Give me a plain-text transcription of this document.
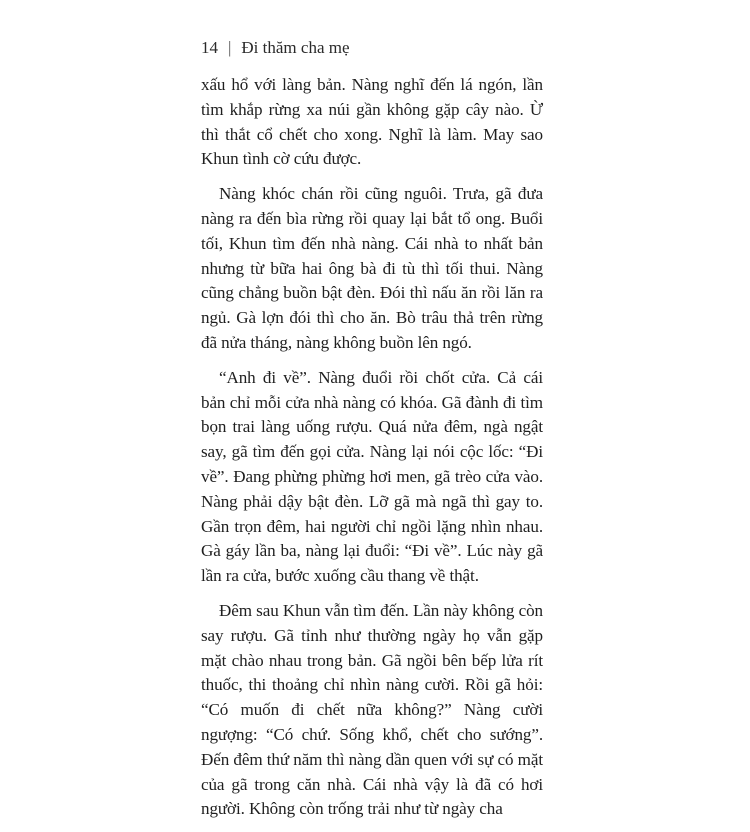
14 | Đi thăm cha mẹ

xấu hổ với làng bản. Nàng nghĩ đến lá ngón, lần tìm khắp rừng xa núi gần không gặp cây nào. Ừ thì thắt cổ chết cho xong. Nghĩ là làm. May sao Khun tình cờ cứu được.

Nàng khóc chán rồi cũng nguôi. Trưa, gã đưa nàng ra đến bìa rừng rồi quay lại bắt tổ ong. Buổi tối, Khun tìm đến nhà nàng. Cái nhà to nhất bản nhưng từ bữa hai ông bà đi tù thì tối thui. Nàng cũng chẳng buồn bật đèn. Đói thì nấu ăn rồi lăn ra ngủ. Gà lợn đói thì cho ăn. Bò trâu thả trên rừng đã nửa tháng, nàng không buồn lên ngó.

“Anh đi về”. Nàng đuổi rồi chốt cửa. Cả cái bản chỉ mỗi cửa nhà nàng có khóa. Gã đành đi tìm bọn trai làng uống rượu. Quá nửa đêm, ngà ngật say, gã tìm đến gọi cửa. Nàng lại nói cộc lốc: “Đi về”. Đang phừng phừng hơi men, gã trèo cửa vào. Nàng phải dậy bật đèn. Lỡ gã mà ngã thì gay to. Gần trọn đêm, hai người chỉ ngồi lặng nhìn nhau. Gà gáy lần ba, nàng lại đuổi: “Đi về”. Lúc này gã lần ra cửa, bước xuống cầu thang về thật.

Đêm sau Khun vẫn tìm đến. Lần này không còn say rượu. Gã tỉnh như thường ngày họ vẫn gặp mặt chào nhau trong bản. Gã ngồi bên bếp lửa rít thuốc, thi thoảng chỉ nhìn nàng cười. Rồi gã hỏi: “Có muốn đi chết nữa không?” Nàng cười ngượng: “Có chứ. Sống khổ, chết cho sướng”. Đến đêm thứ năm thì nàng dần quen với sự có mặt của gã trong căn nhà. Cái nhà vậy là đã có hơi người. Không còn trống trải như từ ngày cha
